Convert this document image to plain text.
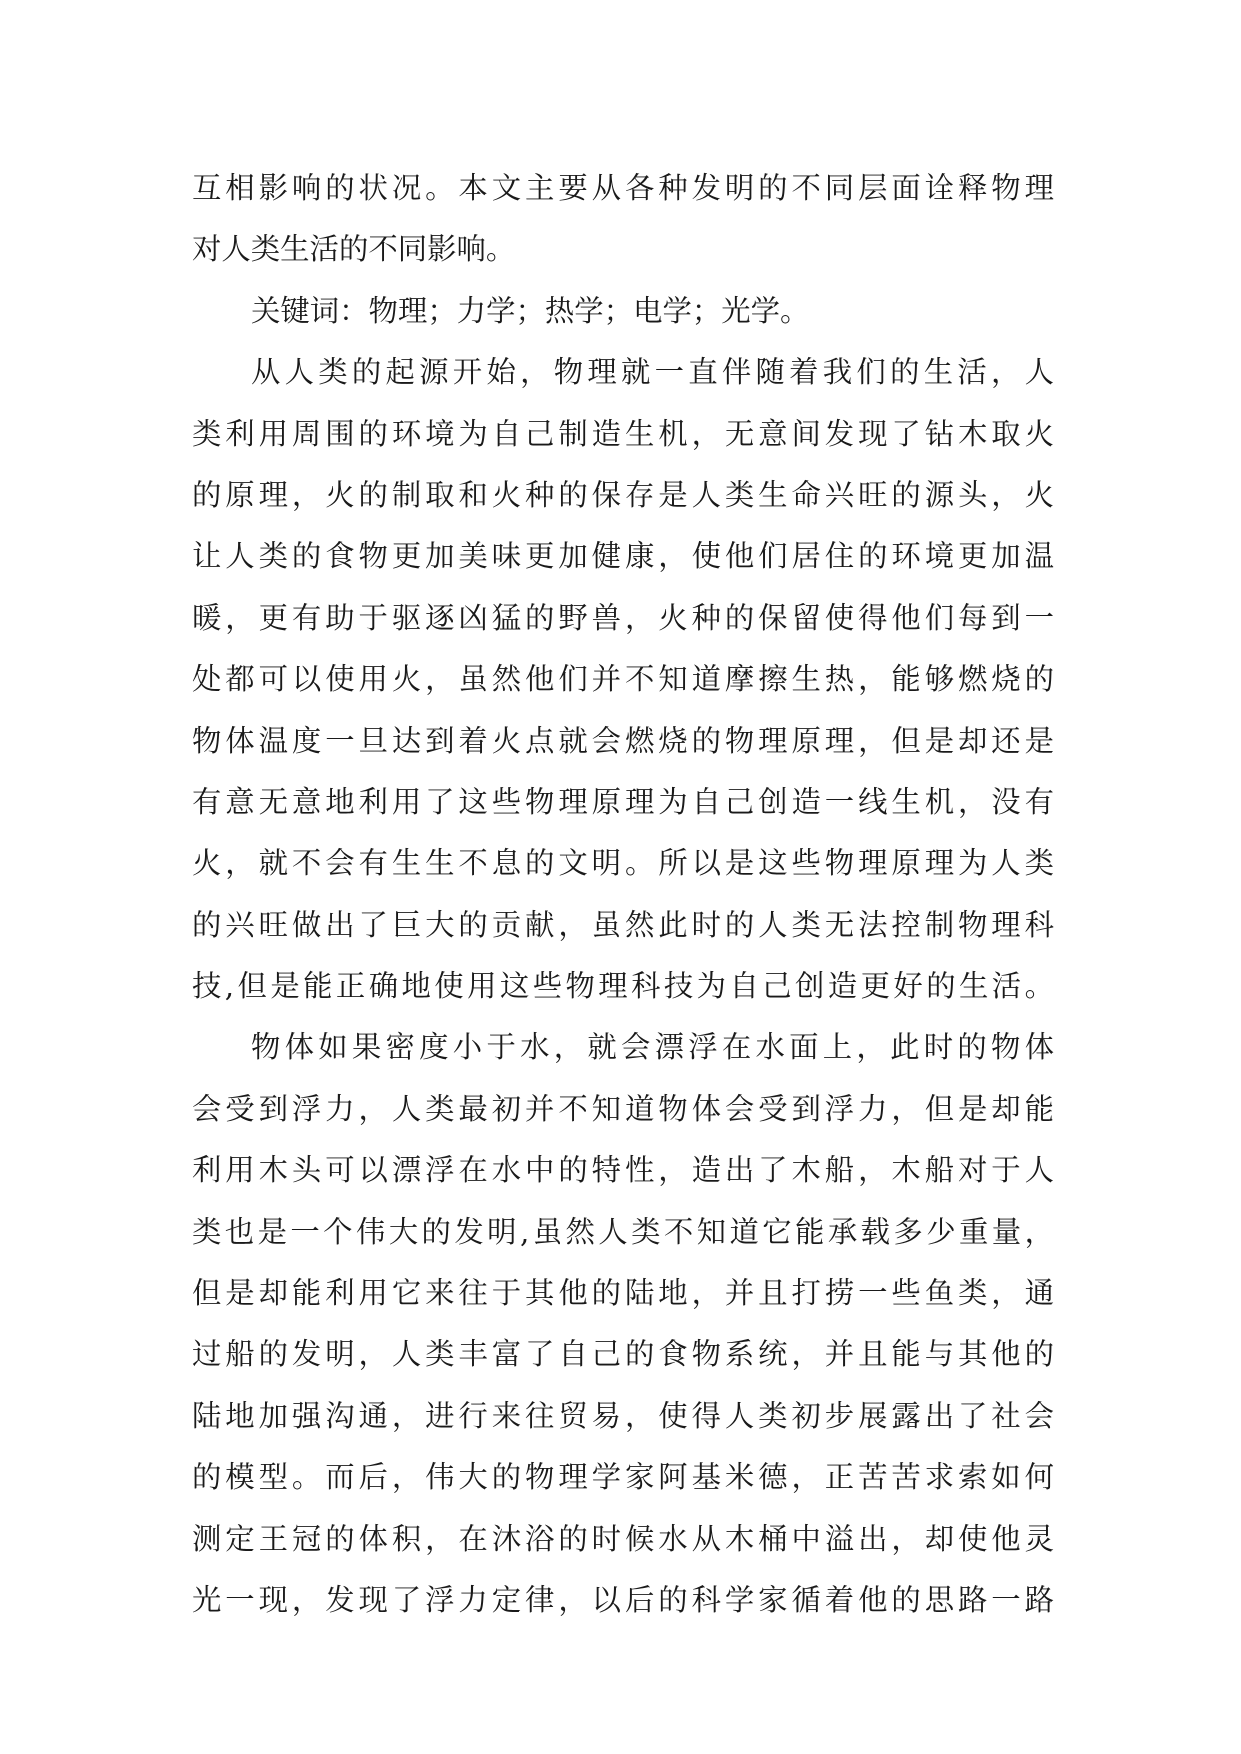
互相影响的状况。本文主要从各种发明的不同层面诠释物理
对人类生活的不同影响。
关键词：物理；力学；热学；电学；光学。
从人类的起源开始，物理就一直伴随着我们的生活，人
类利用周围的环境为自己制造生机，无意间发现了钻木取火
的原理，火的制取和火种的保存是人类生命兴旺的源头，火
让人类的食物更加美味更加健康，使他们居住的环境更加温
暖，更有助于驱逐凶猛的野兽，火种的保留使得他们每到一
处都可以使用火，虽然他们并不知道摩擦生热，能够燃烧的
物体温度一旦达到着火点就会燃烧的物理原理，但是却还是
有意无意地利用了这些物理原理为自己创造一线生机，没有
火，就不会有生生不息的文明。所以是这些物理原理为人类
的兴旺做出了巨大的贡献，虽然此时的人类无法控制物理科
技,但是能正确地使用这些物理科技为自己创造更好的生活。
物体如果密度小于水，就会漂浮在水面上，此时的物体
会受到浮力，人类最初并不知道物体会受到浮力，但是却能
利用木头可以漂浮在水中的特性，造出了木船，木船对于人
类也是一个伟大的发明,虽然人类不知道它能承载多少重量，
但是却能利用它来往于其他的陆地，并且打捞一些鱼类，通
过船的发明，人类丰富了自己的食物系统，并且能与其他的
陆地加强沟通，进行来往贸易，使得人类初步展露出了社会
的模型。而后，伟大的物理学家阿基米德，正苦苦求索如何
测定王冠的体积，在沐浴的时候水从木桶中溢出，却使他灵
光一现，发现了浮力定律，以后的科学家循着他的思路一路
